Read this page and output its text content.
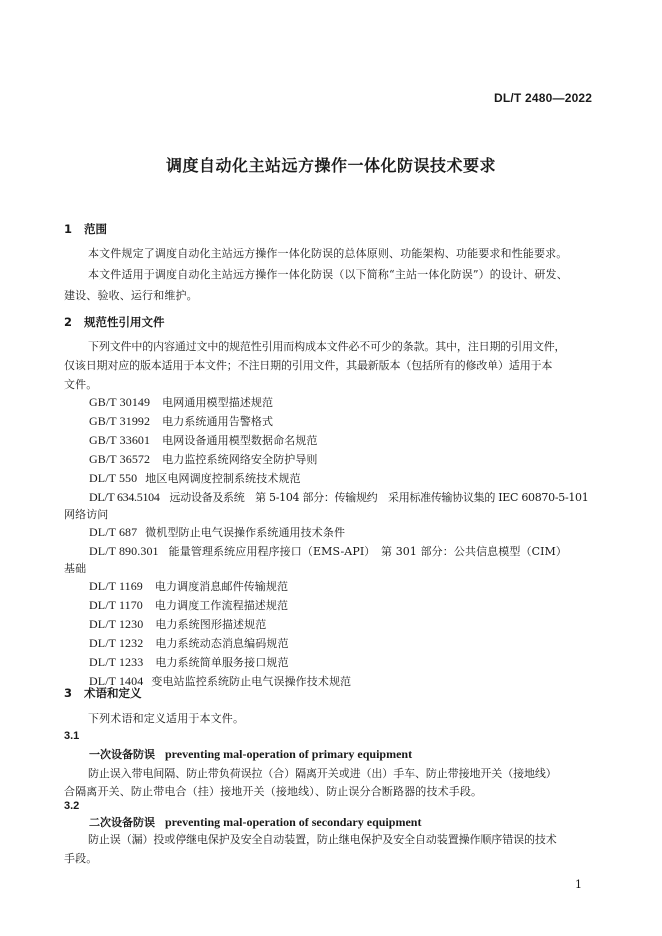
DL/T 2480—2022
调度自动化主站远方操作一体化防误技术要求
1 范围
本文件规定了调度自动化主站远方操作一体化防误的总体原则、功能架构、功能要求和性能要求。
本文件适用于调度自动化主站远方操作一体化防误（以下简称“主站一体化防误”）的设计、研发、
建设、验收、运行和维护。
2 规范性引用文件
下列文件中的内容通过文中的规范性引用而构成本文件必不可少的条款。其中，注日期的引用文件，
仅该日期对应的版本适用于本文件；不注日期的引用文件，其最新版本（包括所有的修改单）适用于本
文件。
GB/T 30149 电网通用模型描述规范
GB/T 31992 电力系统通用告警格式
GB/T 33601 电网设备通用模型数据命名规范
GB/T 36572 电力监控系统网络安全防护导则
DL/T 550 地区电网调度控制系统技术规范
DL/T 634.5104 远动设备及系统　第 5-104 部分：传输规约　采用标准传输协议集的 IEC 60870-5-101
网络访问
DL/T 687 微机型防止电气误操作系统通用技术条件
DL/T 890.301 能量管理系统应用程序接口（EMS-API）　第 301 部分：公共信息模型（CIM）
基础
DL/T 1169 电力调度消息邮件传输规范
DL/T 1170 电力调度工作流程描述规范
DL/T 1230 电力系统图形描述规范
DL/T 1232 电力系统动态消息编码规范
DL/T 1233 电力系统简单服务接口规范
DL/T 1404 变电站监控系统防止电气误操作技术规范
3 术语和定义
下列术语和定义适用于本文件。
3.1
一次设备防误 preventing mal-operation of primary equipment
防止误入带电间隔、防止带负荷误拉（合）隔离开关或进（出）手车、防止带接地开关（接地线）
合隔离开关、防止带电合（挂）接地开关（接地线）、防止误分合断路器的技术手段。
3.2
二次设备防误 preventing mal-operation of secondary equipment
防止误（漏）投或停继电保护及安全自动装置，防止继电保护及安全自动装置操作顺序错误的技术
手段。
1
